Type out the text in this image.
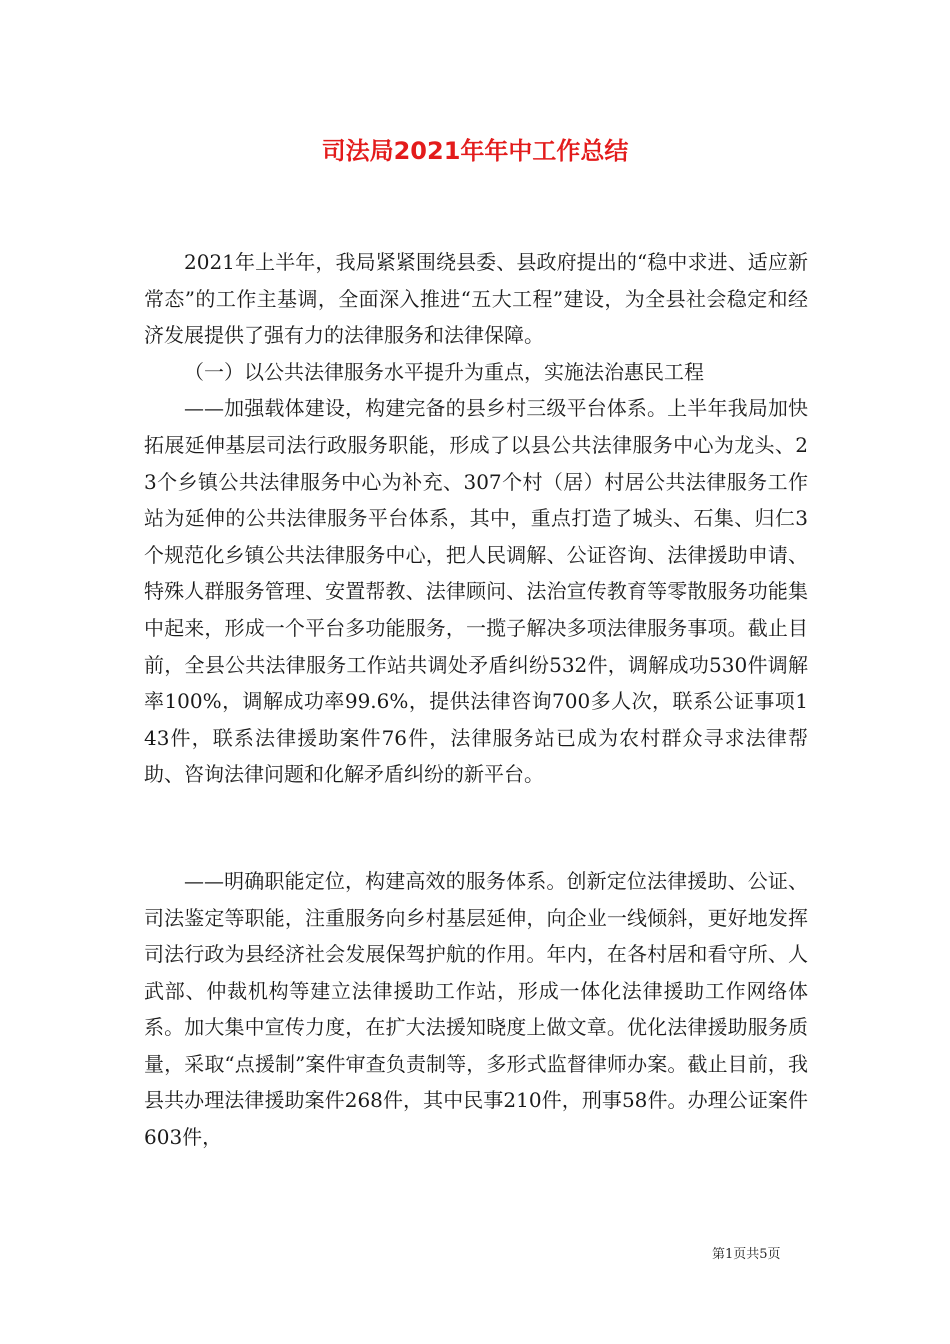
司法局2021年年中工作总结

2021年上半年，我局紧紧围绕县委、县政府提出的“稳中求进、适应新常态”的工作主基调，全面深入推进“五大工程”建设，为全县社会稳定和经济发展提供了强有力的法律服务和法律保障。

（一）以公共法律服务水平提升为重点，实施法治惠民工程

——加强载体建设，构建完备的县乡村三级平台体系。上半年我局加快拓展延伸基层司法行政服务职能，形成了以县公共法律服务中心为龙头、23个乡镇公共法律服务中心为补充、307个村（居）村居公共法律服务工作站为延伸的公共法律服务平台体系，其中，重点打造了城头、石集、归仁3个规范化乡镇公共法律服务中心，把人民调解、公证咨询、法律援助申请、特殊人群服务管理、安置帮教、法律顾问、法治宣传教育等零散服务功能集中起来，形成一个平台多功能服务，一揽子解决多项法律服务事项。截止目前，全县公共法律服务工作站共调处矛盾纠纷532件，调解成功530件调解率100%，调解成功率99.6%，提供法律咨询700多人次，联系公证事项143件，联系法律援助案件76件，法律服务站已成为农村群众寻求法律帮助、咨询法律问题和化解矛盾纠纷的新平台。

——明确职能定位，构建高效的服务体系。创新定位法律援助、公证、司法鉴定等职能，注重服务向乡村基层延伸，向企业一线倾斜，更好地发挥司法行政为县经济社会发展保驾护航的作用。年内，在各村居和看守所、人武部、仲裁机构等建立法律援助工作站，形成一体化法律援助工作网络体系。加大集中宣传力度，在扩大法援知晓度上做文章。优化法律援助服务质量，采取“点援制”案件审查负责制等，多形式监督律师办案。截止目前，我县共办理法律援助案件268件，其中民事210件，刑事58件。办理公证案件603件，

第1页共5页
